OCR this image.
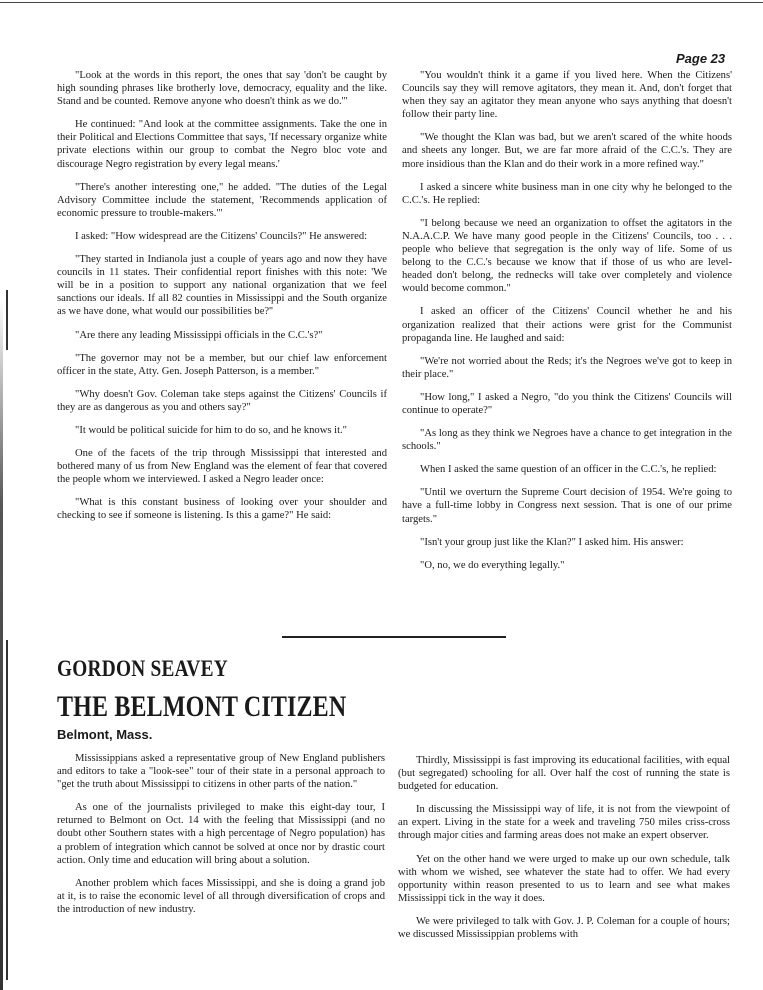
Page 23

"Look at the words in this report, the ones that say 'don't be caught by high sounding phrases like brotherly love, democracy, equality and the like. Stand and be counted. Remove anyone who doesn't think as we do.'"

He continued: "And look at the committee assignments. Take the one in their Political and Elections Committee that says, 'If necessary organize white private elections within our group to combat the Negro bloc vote and discourage Negro registration by every legal means.'

"There's another interesting one," he added. "The duties of the Legal Advisory Committee include the statement, 'Recommends application of economic pressure to trouble-makers.'"

I asked: "How widespread are the Citizens' Councils?" He answered:

"They started in Indianola just a couple of years ago and now they have councils in 11 states. Their confidential report finishes with this note: 'We will be in a position to support any national organization that we feel sanctions our ideals. If all 82 counties in Mississippi and the South organize as we have done, what would our possibilities be?''

"Are there any leading Mississippi officials in the C.C.'s?"

"The governor may not be a member, but our chief law enforcement officer in the state, Atty. Gen. Joseph Patterson, is a member."

"Why doesn't Gov. Coleman take steps against the Citizens' Councils if they are as dangerous as you and others say?"

"It would be political suicide for him to do so, and he knows it."

One of the facets of the trip through Mississippi that interested and bothered many of us from New England was the element of fear that covered the people whom we interviewed. I asked a Negro leader once:

"What is this constant business of looking over your shoulder and checking to see if someone is listening. Is this a game?" He said:

"You wouldn't think it a game if you lived here. When the Citizens' Councils say they will remove agitators, they mean it. And, don't forget that when they say an agitator they mean anyone who says anything that doesn't follow their party line.

"We thought the Klan was bad, but we aren't scared of the white hoods and sheets any longer. But, we are far more afraid of the C.C.'s. They are more insidious than the Klan and do their work in a more refined way."

I asked a sincere white business man in one city why he belonged to the C.C.'s. He replied:

"I belong because we need an organization to offset the agitators in the N.A.A.C.P. We have many good people in the Citizens' Councils, too . . . people who believe that segregation is the only way of life. Some of us belong to the C.C.'s because we know that if those of us who are level-headed don't belong, the rednecks will take over completely and violence would become common."

I asked an officer of the Citizens' Council whether he and his organization realized that their actions were grist for the Communist propaganda line. He laughed and said:

"We're not worried about the Reds; it's the Negroes we've got to keep in their place."

"How long," I asked a Negro, "do you think the Citizens' Councils will continue to operate?"

"As long as they think we Negroes have a chance to get integration in the schools."

When I asked the same question of an officer in the C.C.'s, he replied:

"Until we overturn the Supreme Court decision of 1954. We're going to have a full-time lobby in Congress next session. That is one of our prime targets."

"Isn't your group just like the Klan?" I asked him. His answer:

"O, no, we do everything legally."

GORDON SEAVEY
THE BELMONT CITIZEN
Belmont, Mass.

Mississippians asked a representative group of New England publishers and editors to take a "look-see" tour of their state in a personal approach to "get the truth about Mississippi to citizens in other parts of the nation."

As one of the journalists privileged to make this eight-day tour, I returned to Belmont on Oct. 14 with the feeling that Mississippi (and no doubt other Southern states with a high percentage of Negro population) has a problem of integration which cannot be solved at once nor by drastic court action. Only time and education will bring about a solution.

Another problem which faces Mississippi, and she is doing a grand job at it, is to raise the economic level of all through diversification of crops and the introduction of new industry.

Thirdly, Mississippi is fast improving its educational facilities, with equal (but segregated) schooling for all. Over half the cost of running the state is budgeted for education.

In discussing the Mississippi way of life, it is not from the viewpoint of an expert. Living in the state for a week and traveling 750 miles criss-cross through major cities and farming areas does not make an expert observer.

Yet on the other hand we were urged to make up our own schedule, talk with whom we wished, see whatever the state had to offer. We had every opportunity within reason presented to us to learn and see what makes Mississippi tick in the way it does.

We were privileged to talk with Gov. J. P. Coleman for a couple of hours; we discussed Mississippian problems with
